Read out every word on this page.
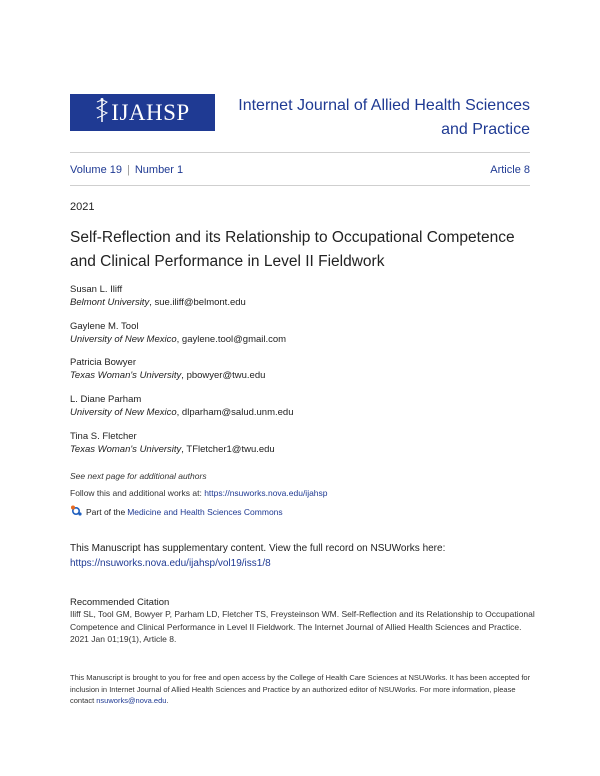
IJAHSP	Internet Journal of Allied Health Sciences and Practice
Volume 19 | Number 1	Article 8
2021
Self-Reflection and its Relationship to Occupational Competence and Clinical Performance in Level II Fieldwork
Susan L. Iliff
Belmont University, sue.iliff@belmont.edu
Gaylene M. Tool
University of New Mexico, gaylene.tool@gmail.com
Patricia Bowyer
Texas Woman's University, pbowyer@twu.edu
L. Diane Parham
University of New Mexico, dlparham@salud.unm.edu
Tina S. Fletcher
Texas Woman's University, TFletcher1@twu.edu
See next page for additional authors
Follow this and additional works at: https://nsuworks.nova.edu/ijahsp
Part of the Medicine and Health Sciences Commons
This Manuscript has supplementary content. View the full record on NSUWorks here:
https://nsuworks.nova.edu/ijahsp/vol19/iss1/8
Recommended Citation
Iliff SL, Tool GM, Bowyer P, Parham LD, Fletcher TS, Freysteinson WM. Self-Reflection and its Relationship to Occupational Competence and Clinical Performance in Level II Fieldwork. The Internet Journal of Allied Health Sciences and Practice. 2021 Jan 01;19(1), Article 8.
This Manuscript is brought to you for free and open access by the College of Health Care Sciences at NSUWorks. It has been accepted for inclusion in Internet Journal of Allied Health Sciences and Practice by an authorized editor of NSUWorks. For more information, please contact nsuworks@nova.edu.
